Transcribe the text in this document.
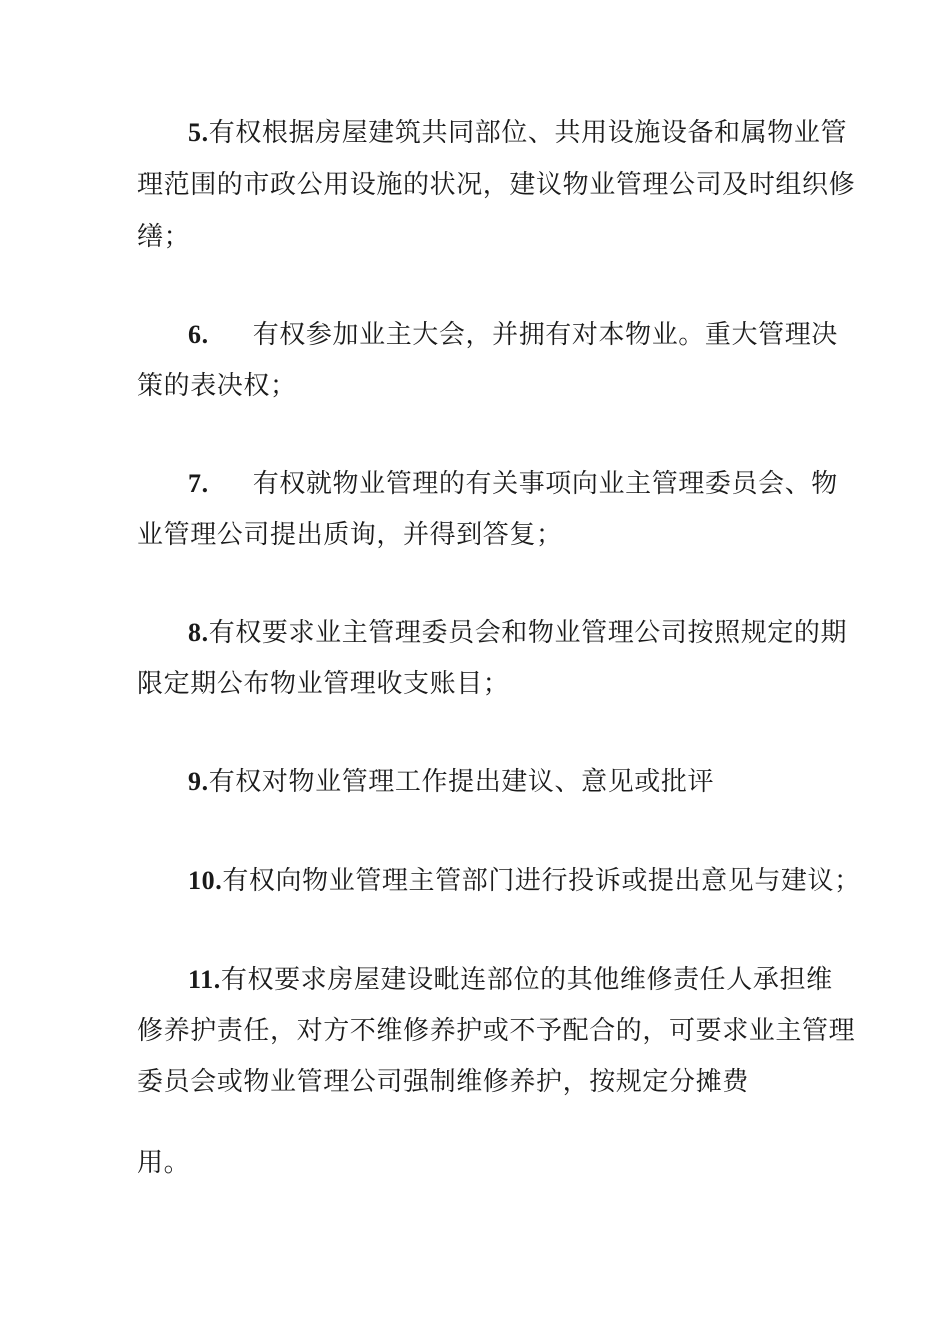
5.有权根据房屋建筑共同部位、共用设施设备和属物业管
理范围的市政公用设施的状况，建议物业管理公司及时组织修
缮；
6. 有权参加业主大会，并拥有对本物业。重大管理决
策的表决权；
7. 有权就物业管理的有关事项向业主管理委员会、物
业管理公司提出质询，并得到答复；
8.有权要求业主管理委员会和物业管理公司按照规定的期
限定期公布物业管理收支账目；
9.有权对物业管理工作提出建议、意见或批评
10.有权向物业管理主管部门进行投诉或提出意见与建议；
11.有权要求房屋建设毗连部位的其他维修责任人承担维
修养护责任，对方不维修养护或不予配合的，可要求业主管理
委员会或物业管理公司强制维修养护，按规定分摊费
用。
